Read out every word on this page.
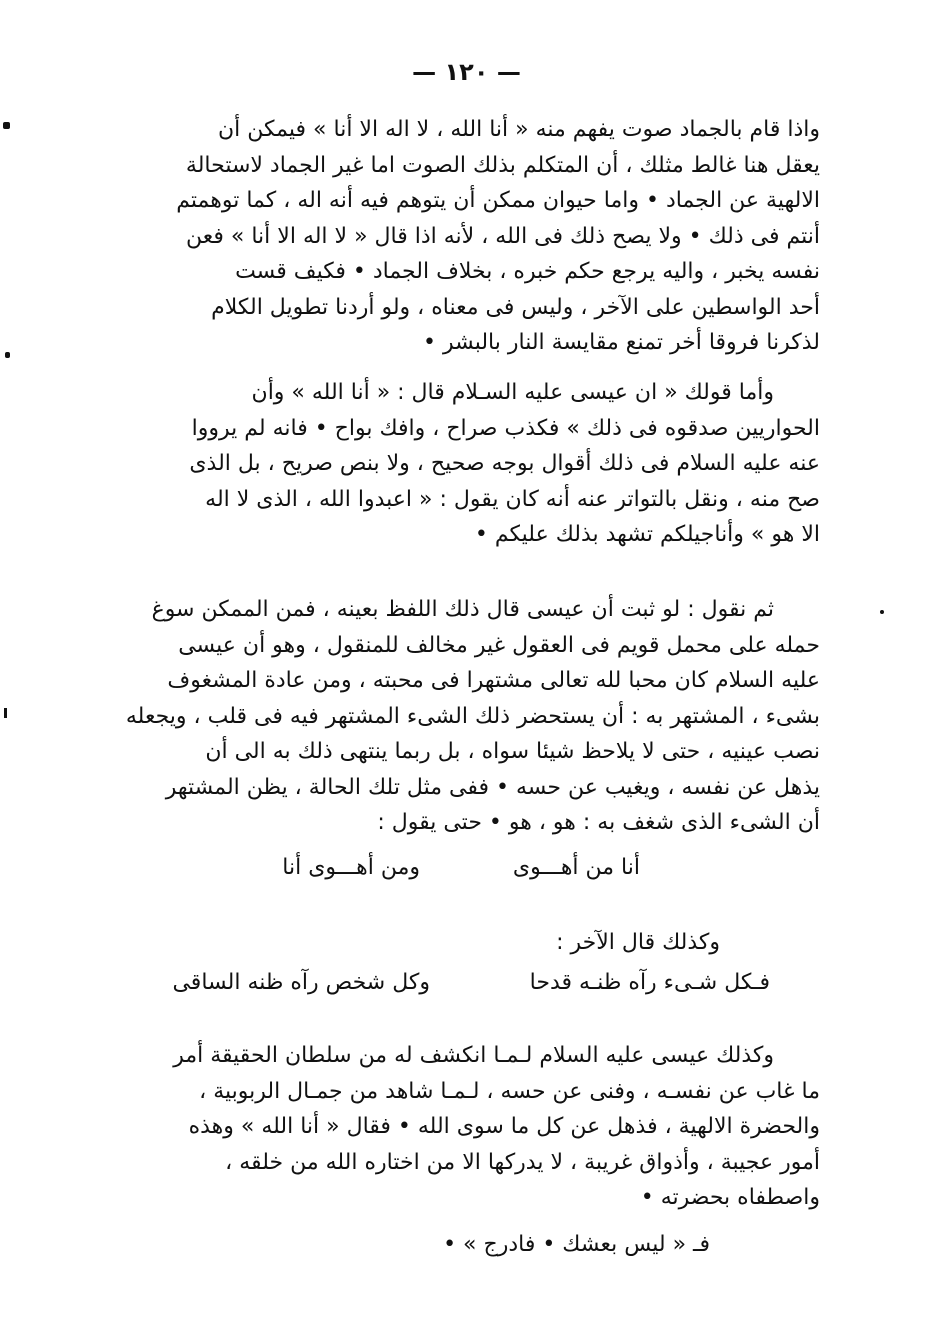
— ١٢٠ —
واذا قام بالجماد صوت يفهم منه « أنا الله ، لا اله الا أنا » فيمكن أن
يعقل هنا غالط مثلك ، أن المتكلم بذلك الصوت اما غير الجماد لاستحالة
الالهية عن الجماد • واما حيوان ممكن أن يتوهم فيه أنه اله ، كما توهمتم
أنتم فى ذلك • ولا يصح ذلك فى الله ، لأنه اذا قال « لا اله الا أنا » فعن
نفسه يخبر ، واليه يرجع حكم خبره ، بخلاف الجماد • فكيف قست
أحد الواسطين على الآخر ، وليس فى معناه ، ولو أردنا تطويل الكلام
لذكرنا فروقا أخر تمنع مقايسة النار بالبشر •
وأما قولك « ان عيسى عليه السـلام قال : « أنا الله » وأن
الحواريين صدقوه فى ذلك » فكذب صراح ، وافك بواح • فانه لم يرووا
عنه عليه السلام فى ذلك أقوال بوجه صحيح ، ولا بنص صريح ، بل الذى
صح منه ، ونقل بالتواتر عنه أنه كان يقول : « اعبدوا الله ، الذى لا اله
الا هو » وأناجيلكم تشهد بذلك عليكم •
ثم نقول : لو ثبت أن عيسى قال ذلك اللفظ بعينه ، فمن الممكن سوغ
حمله على محمل قويم فى العقول غير مخالف للمنقول ، وهو أن عيسى
عليه السلام كان محبا لله تعالى مشتهرا فى محبته ، ومن عادة المشغوف
بشىء ، المشتهر به : أن يستحضر ذلك الشىء المشتهر فيه فى قلب ، ويجعله
نصب عينيه ، حتى لا يلاحظ شيئا سواه ، بل ربما ينتهى ذلك به الى أن
يذهل عن نفسه ، ويغيب عن حسه • ففى مثل تلك الحالة ، يظن المشتهر
أن الشىء الذى شغف به : هو ، هو • حتى يقول :
أنا من أهـــوى
ومن أهـــوى أنا
وكذلك قال الآخر :
فـكل شـىء رآه ظنـه قدحا
وكل شخص رآه ظنه الساقى
وكذلك عيسى عليه السلام لـمـا انكشف له من سلطان الحقيقة أمر
ما غاب عن نفسـه ، وفنى عن حسه ، لـمـا شاهد من جمـال الربوبية ،
والحضرة الالهية ، فذهل عن كل ما سوى الله • فقال « أنا الله » وهذه
أمور عجيبة ، وأذواق غريبة ، لا يدركها الا من اختاره الله من خلقه ،
واصطفاه بحضرته •
فـ « ليس بعشك • فادرج » •
